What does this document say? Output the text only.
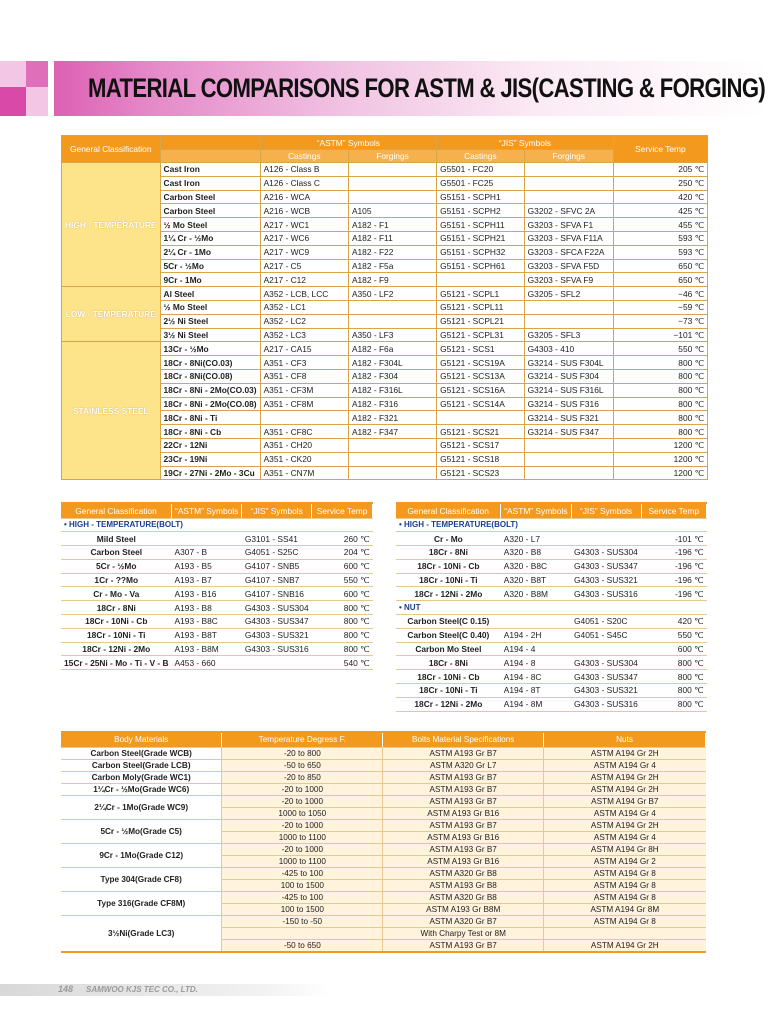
MATERIAL COMPARISONS FOR ASTM & JIS(CASTING & FORGING)
General Classification		“ASTM” Symbols		“JIS” Symbols		Service Temp
		Castings	Forgings	Castings	Forgings	
HIGH - TEMPERATURE	Cast Iron	A126 - Class B		G5501 - FC20		205 ℃
	Cast Iron	A126 - Class C		G5501 - FC25		250 ℃
	Carbon Steel	A216 - WCA		G5151 - SCPH1		420 ℃
	Carbon Steel	A216 - WCB	A105	G5151 - SCPH2	G3202 - SFVC 2A	425 ℃
	½ Mo Steel	A217 - WC1	A182 - F1	G5151 - SCPH11	G3203 - SFVA F1	455 ℃
	1¼ Cr - ½Mo	A217 - WC6	A182 - F11	G5151 - SCPH21	G3203 - SFVA F11A	593 ℃
	2¼ Cr - 1Mo	A217 - WC9	A182 - F22	G5151 - SCPH32	G3203 - SFCA F22A	593 ℃
	5Cr - ½Mo	A217 - C5	A182 - F5a	G5151 - SCPH61	G3203 - SFVA F5D	650 ℃
	9Cr - 1Mo	A217 - C12	A182 - F9		G3203 - SFVA F9	650 ℃
LOW - TEMPERATURE	Al Steel	A352 - LCB, LCC	A350 - LF2	G5121 - SCPL1	G3205 - SFL2	−46 ℃
	½ Mo Steel	A352 - LC1		G5121 - SCPL11		−59 ℃
	2½ Ni Steel	A352 - LC2		G5121 - SCPL21		−73 ℃
	3½ Ni Steel	A352 - LC3	A350 - LF3	G5121 - SCPL31	G3205 - SFL3	−101 ℃
STAINLESS STEEL	13Cr - ½Mo	A217 - CA15	A182 - F6a	G5121 - SCS1	G4303 - 410	550 ℃
	18Cr - 8Ni(CO.03)	A351 - CF3	A182 - F304L	G5121 - SCS19A	G3214 - SUS F304L	800 ℃
	18Cr - 8Ni(CO.08)	A351 - CF8	A182 - F304	G5121 - SCS13A	G3214 - SUS F304	800 ℃
	18Cr - 8Ni - 2Mo(CO.03)	A351 - CF3M	A182 - F316L	G5121 - SCS16A	G3214 - SUS F316L	800 ℃
	18Cr - 8Ni - 2Mo(CO.08)	A351 - CF8M	A182 - F316	G5121 - SCS14A	G3214 - SUS F316	800 ℃
	18Cr - 8Ni - Ti		A182 - F321		G3214 - SUS F321	800 ℃
	18Cr - 8Ni - Cb	A351 - CF8C	A182 - F347	G5121 - SCS21	G3214 - SUS F347	800 ℃
	22Cr - 12Ni	A351 - CH20		G5121 - SCS17		1200 ℃
	23Cr - 19Ni	A351 - CK20		G5121 - SCS18		1200 ℃
	19Cr - 27Ni - 2Mo - 3Cu	A351 - CN7M		G5121 - SCS23		1200 ℃
General Classification	“ASTM” Symbols	“JIS” Symbols	Service Temp
• HIGH - TEMPERATURE(BOLT)			
Mild Steel		G3101 - SS41	260 ℃
Carbon Steel	A307 - B	G4051 - S25C	204 ℃
5Cr - ½Mo	A193 - B5	G4107 - SNB5	600 ℃
1Cr - ??Mo	A193 - B7	G4107 - SNB7	550 ℃
Cr - Mo - Va	A193 - B16	G4107 - SNB16	600 ℃
18Cr - 8Ni	A193 - B8	G4303 - SUS304	800 ℃
18Cr - 10Ni - Cb	A193 - B8C	G4303 - SUS347	800 ℃
18Cr - 10Ni - Ti	A193 - B8T	G4303 - SUS321	800 ℃
18Cr - 12Ni - 2Mo	A193 - B8M	G4303 - SUS316	800 ℃
15Cr - 25Ni - Mo - Ti - V - B	A453 - 660		540 ℃
General Classification	“ASTM” Symbols	“JIS” Symbols	Service Temp
• HIGH - TEMPERATURE(BOLT)			
Cr - Mo	A320 - L7		-101 ℃
18Cr - 8Ni	A320 - B8	G4303 - SUS304	-196 ℃
18Cr - 10Ni - Cb	A320 - B8C	G4303 - SUS347	-196 ℃
18Cr - 10Ni - Ti	A320 - B8T	G4303 - SUS321	-196 ℃
18Cr - 12Ni - 2Mo	A320 - B8M	G4303 - SUS316	-196 ℃
• NUT			
Carbon Steel(C 0.15)		G4051 - S20C	420 ℃
Carbon Steel(C 0.40)	A194 - 2H	G4051 - S45C	550 ℃
Carbon Mo Steel	A194 - 4		600 ℃
18Cr - 8Ni	A194 - 8	G4303 - SUS304	800 ℃
18Cr - 10Ni - Cb	A194 - 8C	G4303 - SUS347	800 ℃
18Cr - 10Ni - Ti	A194 - 8T	G4303 - SUS321	800 ℃
18Cr - 12Ni - 2Mo	A194 - 8M	G4303 - SUS316	800 ℃
Body Materials	Temperature Degress F.	Bolts Material Specifications	Nuts
Carbon Steel(Grade WCB)	-20 to 800	ASTM A193 Gr B7	ASTM A194 Gr 2H
Carbon Steel(Grade LCB)	-50 to 650	ASTM A320 Gr L7	ASTM A194 Gr 4
Carbon Moly(Grade WC1)	-20 to 850	ASTM A193 Gr B7	ASTM A194 Gr 2H
1¼Cr - ½Mo(Grade WC6)	-20 to 1000	ASTM A193 Gr B7	ASTM A194 Gr 2H
2¼Cr - 1Mo(Grade WC9)	-20 to 1000	ASTM A193 Gr B7	ASTM A194 Gr B7
	1000 to 1050	ASTM A193 Gr B16	ASTM A194 Gr 4
5Cr - ½Mo(Grade C5)	-20 to 1000	ASTM A193 Gr B7	ASTM A194 Gr 2H
	1000 to 1100	ASTM A193 Gr B16	ASTM A194 Gr 4
9Cr - 1Mo(Grade C12)	-20 to 1000	ASTM A193 Gr B7	ASTM A194 Gr 8H
	1000 to 1100	ASTM A193 Gr B16	ASTM A194 Gr 2
Type 304(Grade CF8)	-425 to 100	ASTM A320 Gr B8	ASTM A194 Gr 8
	100 to 1500	ASTM A193 Gr B8	ASTM A194 Gr 8
Type 316(Grade CF8M)	-425 to 100	ASTM A320 Gr B8	ASTM A194 Gr 8
	100 to 1500	ASTM A193 Gr B8M	ASTM A194 Gr 8M
3½Ni(Grade LC3)	-150 to -50	ASTM A320 Gr B7	ASTM A194 Gr 8
		With Charpy Test or 8M	
	-50 to 650	ASTM A193 Gr B7	ASTM A194 Gr 2H
148 SAMWOO KJS TEC CO., LTD.
